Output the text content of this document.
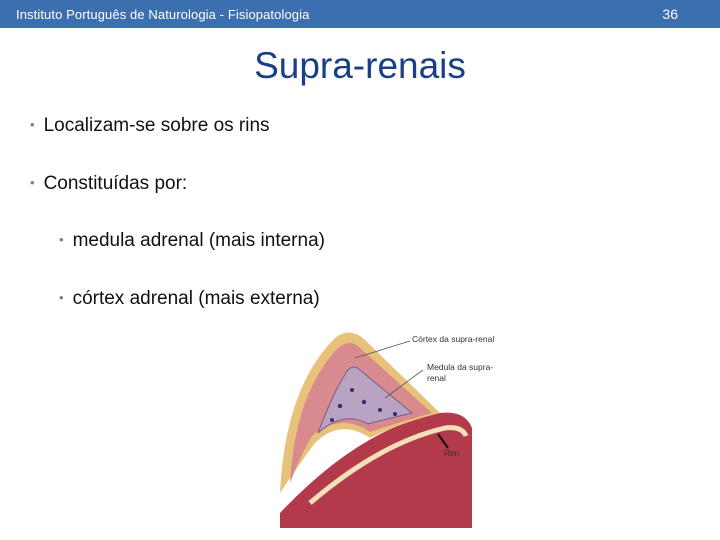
Instituto Português de Naturologia - Fisiopatologia	36
Supra-renais
• Localizam-se sobre os rins
• Constituídas por:
• medula adrenal (mais interna)
• córtex adrenal (mais externa)
Córtex da supra-renal
Medula da supra-
renal
Rim
